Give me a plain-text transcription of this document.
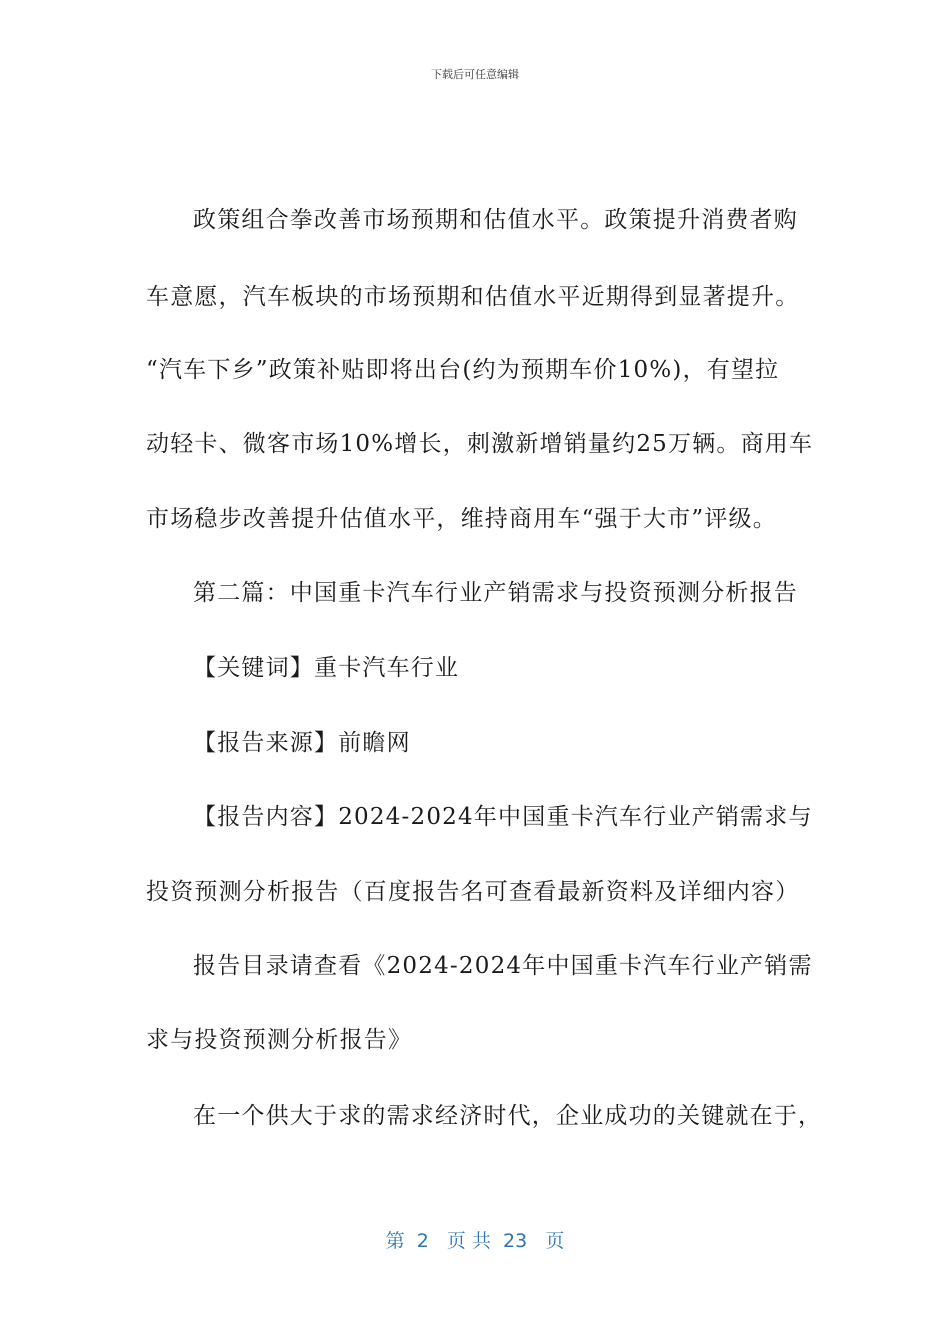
下载后可任意编辑
政策组合拳改善市场预期和估值水平。政策提升消费者购
车意愿，汽车板块的市场预期和估值水平近期得到显著提升。
“汽车下乡”政策补贴即将出台(约为预期车价10%)，有望拉
动轻卡、微客市场10%增长，刺激新增销量约25万辆。商用车
市场稳步改善提升估值水平，维持商用车“强于大市”评级。
第二篇：中国重卡汽车行业产销需求与投资预测分析报告
【关键词】重卡汽车行业
【报告来源】前瞻网
【报告内容】2024-2024年中国重卡汽车行业产销需求与
投资预测分析报告（百度报告名可查看最新资料及详细内容）
报告目录请查看《2024-2024年中国重卡汽车行业产销需
求与投资预测分析报告》
在一个供大于求的需求经济时代，企业成功的关键就在于，
第  2   页 共  23   页
